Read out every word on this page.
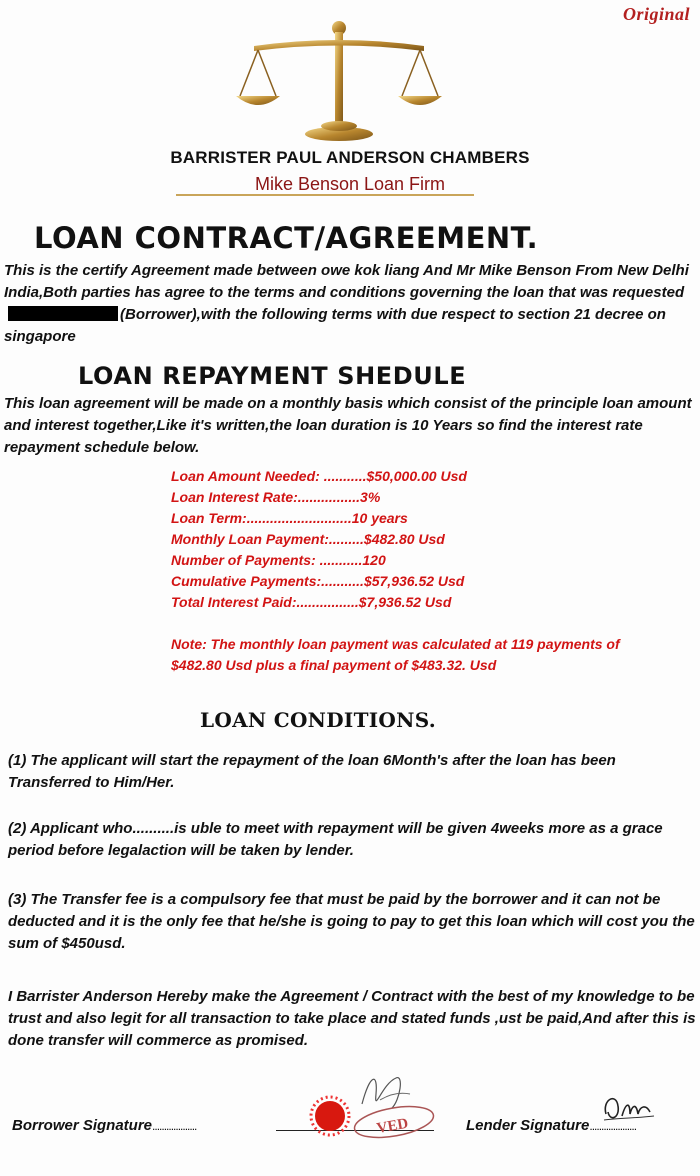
Original
BARRISTER PAUL ANDERSON CHAMBERS
Mike Benson Loan Firm
LOAN CONTRACT/AGREEMENT.
This is the certify Agreement made between owe kok liang And Mr Mike Benson From New Delhi India,Both parties has agree to the terms and conditions governing the loan that was requested(Borrower),with the following terms with due respect to section 21 decree on singapore
LOAN REPAYMENT SHEDULE
This loan agreement will be made on a monthly basis which consist of the principle loan amount and interest together,Like it's written,the loan duration is 10 Years so find the interest rate repayment schedule below.
Loan Amount Needed: ........... $50,000.00 Usd
Loan Interest Rate:................ 3%
Loan Term:........................... 10 years
Monthly Loan Payment:......... $482.80 Usd
Number of Payments: ........... 120
Cumulative Payments:........... $57,936.52 Usd
Total Interest Paid:................ $7,936.52 Usd
Note: The monthly loan payment was calculated at 119 payments of $482.80 Usd plus a final payment of $483.32. Usd
LOAN CONDITIONS.
(1) The applicant will start the repayment of the loan 6Month's after the loan has been Transferred to Him/Her.
(2) Applicant who..........is uble to meet with repayment will be given 4weeks more as a grace period before legalaction will be taken by lender.
(3) The Transfer fee is a compulsory fee that must be paid by the borrower and it can not be deducted and it is the only fee that he/she is going to pay to get this loan which will cost you the sum of $450usd.
I Barrister Anderson Hereby make the Agreement / Contract with the best of my knowledge to be trust and also legit for all transaction to take place and stated funds ,ust be paid,And after this is done transfer will commerce as promised.
Borrower Signature...................	VED	Lender Signature....................
